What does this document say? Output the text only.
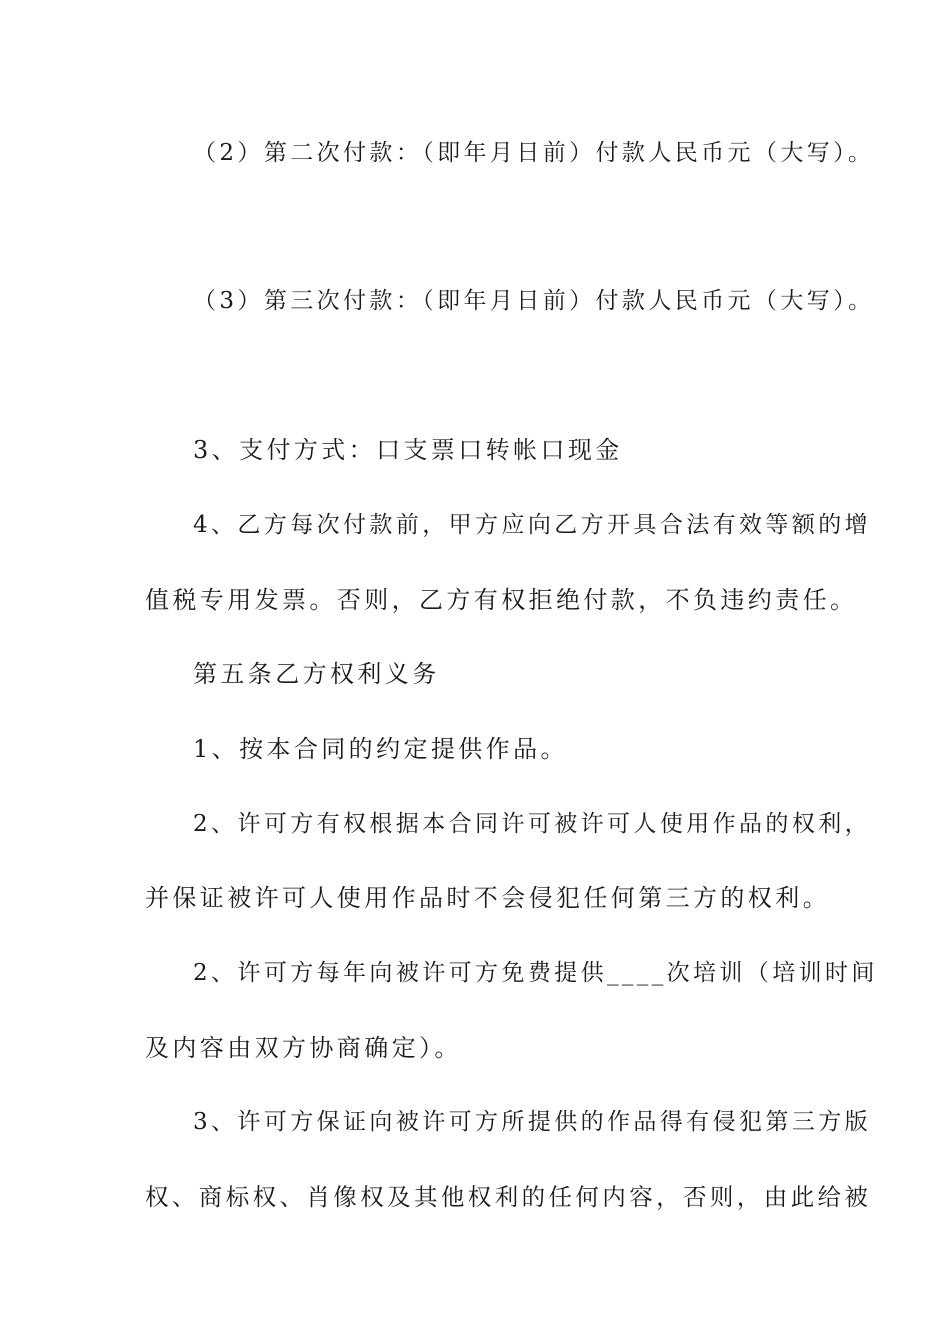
（2）第二次付款：（即年月日前）付款人民币元（大写）。
（3）第三次付款：（即年月日前）付款人民币元（大写）。
3、支付方式：口支票口转帐口现金
4、乙方每次付款前，甲方应向乙方开具合法有效等额的增
值税专用发票。否则，乙方有权拒绝付款，不负违约责任。
第五条乙方权利义务
1、按本合同的约定提供作品。
2、许可方有权根据本合同许可被许可人使用作品的权利，
并保证被许可人使用作品时不会侵犯任何第三方的权利。
2、许可方每年向被许可方免费提供____次培训（培训时间
及内容由双方协商确定）。
3、许可方保证向被许可方所提供的作品得有侵犯第三方版
权、商标权、肖像权及其他权利的任何内容，否则，由此给被
